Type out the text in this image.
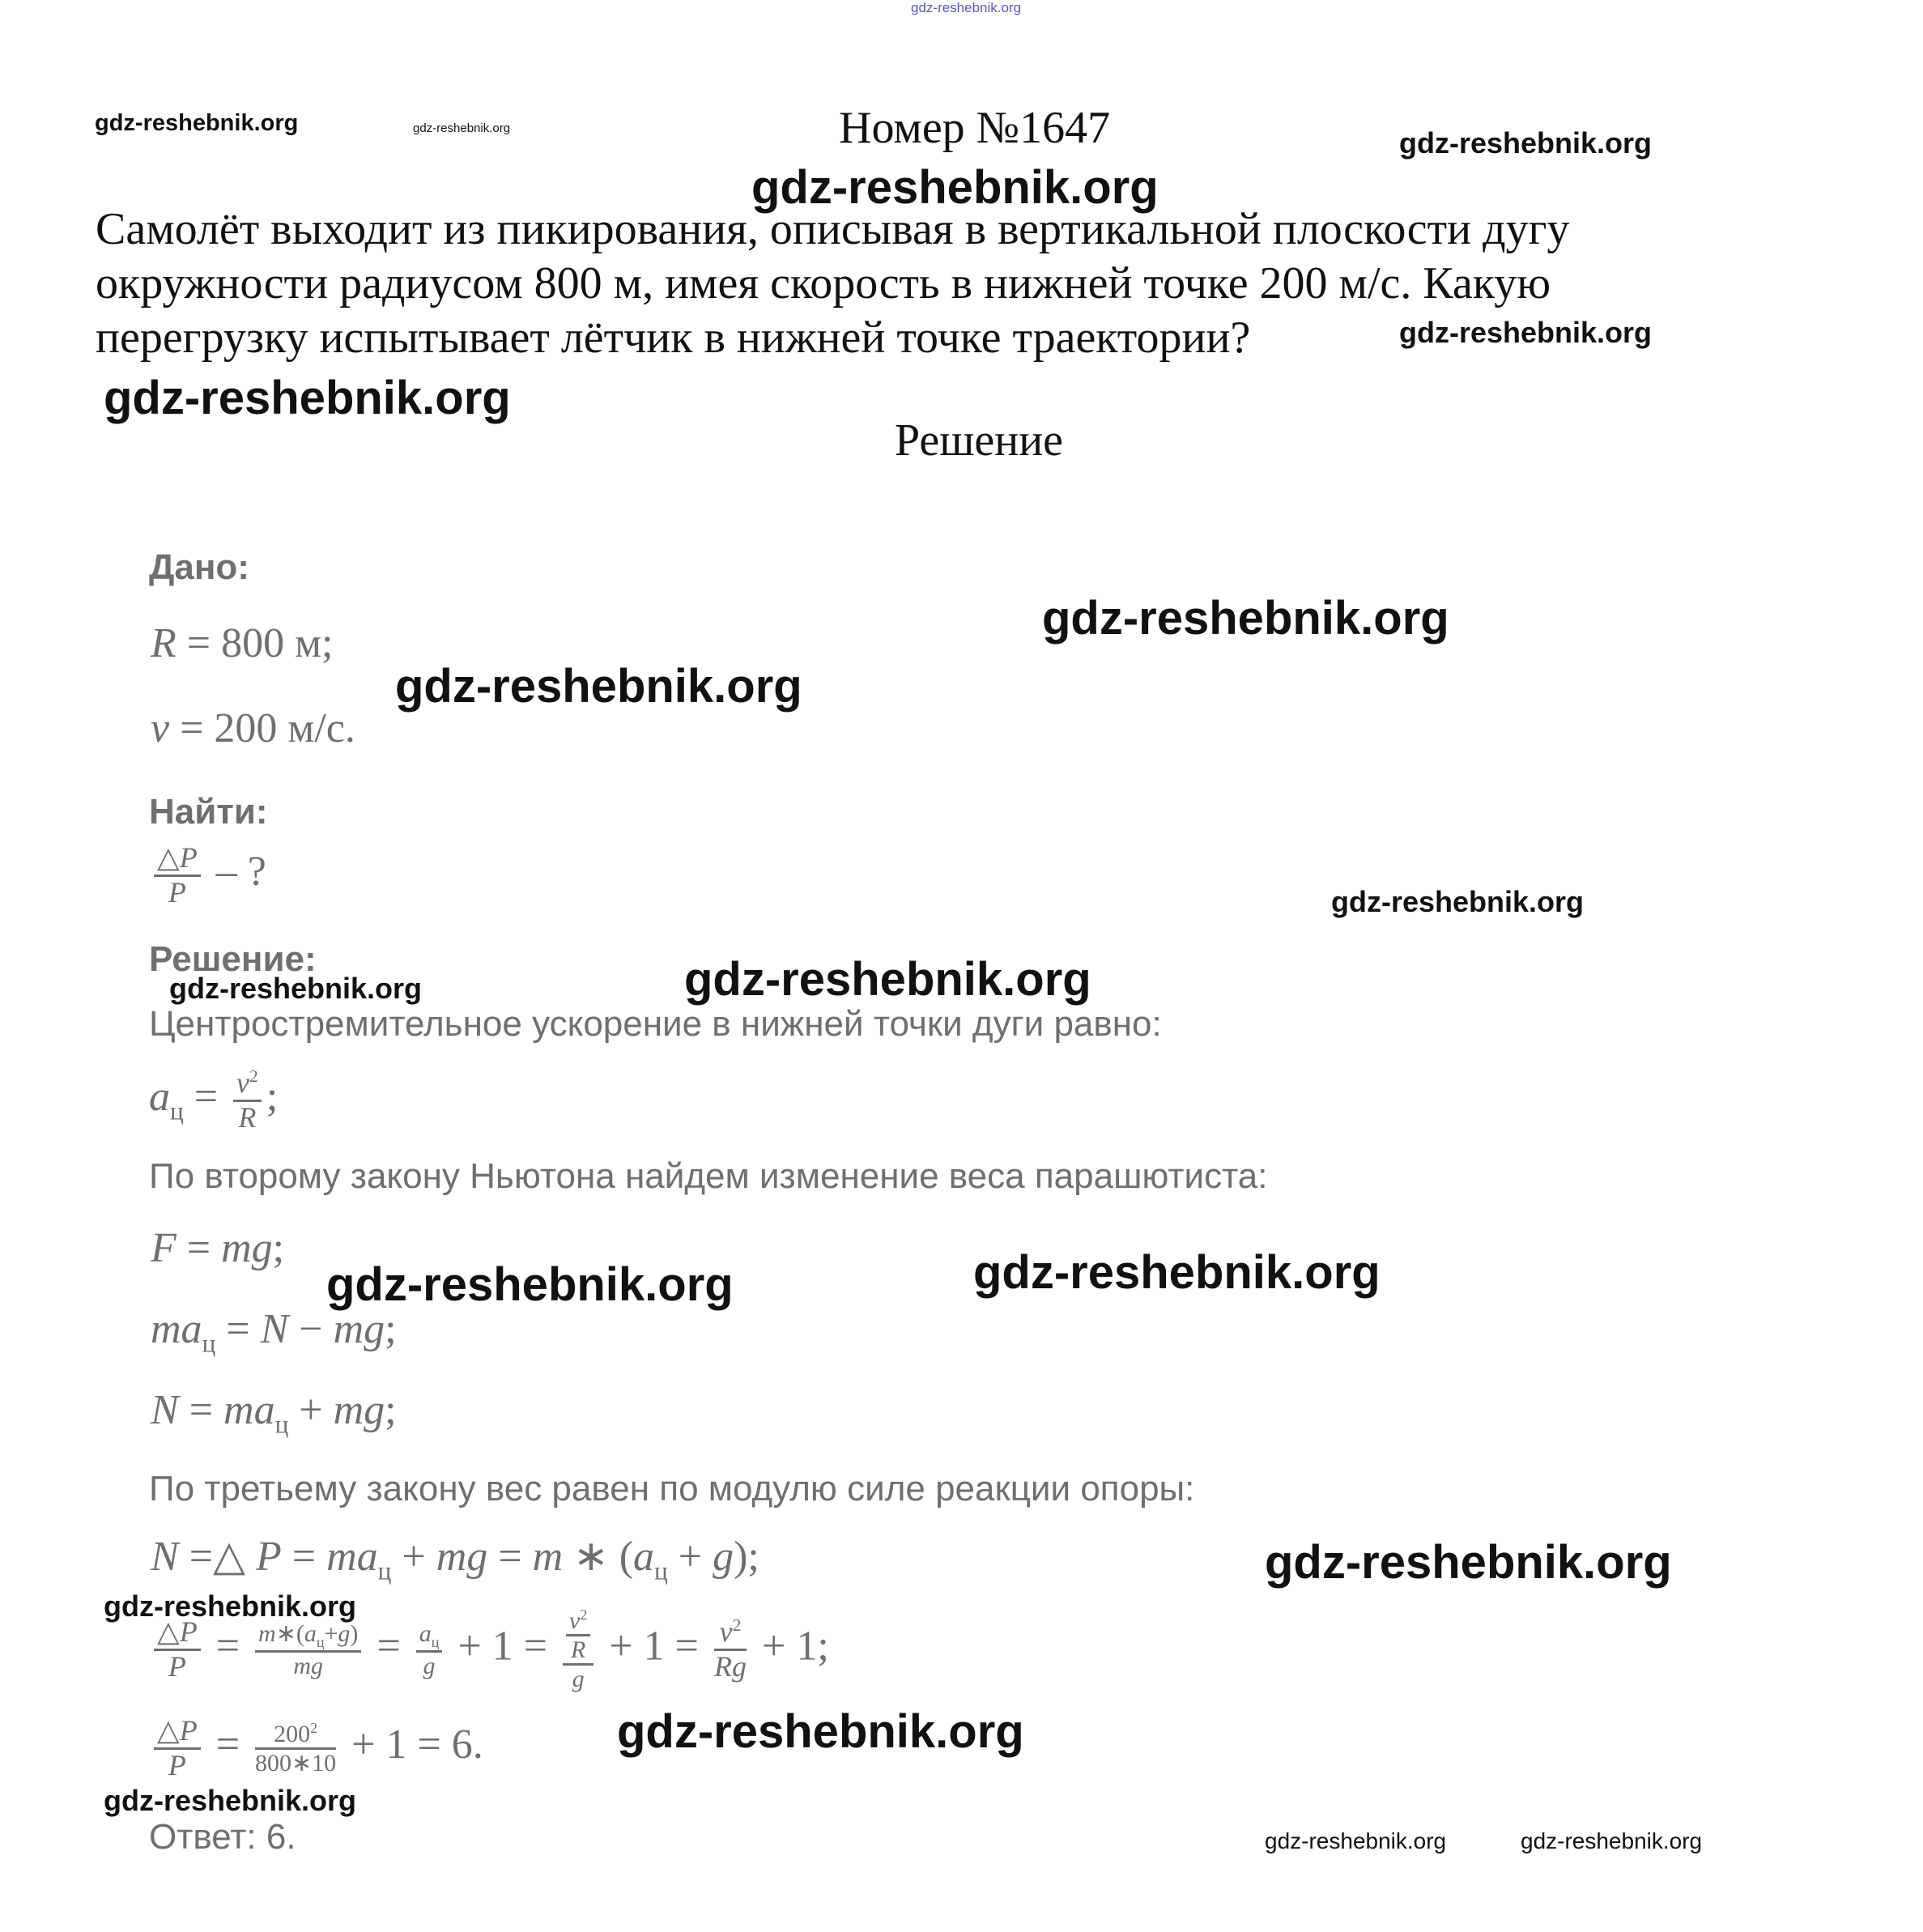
gdz-reshebnik.org
gdz-reshebnik.org	gdz-reshebnik.org	gdz-reshebnik.org
gdz-reshebnik.org
gdz-reshebnik.org
gdz-reshebnik.org
gdz-reshebnik.org
gdz-reshebnik.org
gdz-reshebnik.org
gdz-reshebnik.org	gdz-reshebnik.org
gdz-reshebnik.org	gdz-reshebnik.org
gdz-reshebnik.org
gdz-reshebnik.org
gdz-reshebnik.org
gdz-reshebnik.org
gdz-reshebnik.org	gdz-reshebnik.org
Номер №1647
Самолёт выходит из пикирования, описывая в вертикальной плоскости дугу
окружности радиусом 800 м, имея скорость в нижней точке 200 м/с. Какую
перегрузку испытывает лётчик в нижней точке траектории?
Решение
Дано:
R = 800 м;
v = 200 м/с.
Найти:
$\frac{\triangle P}{P}$ – ?
Решение:
Центростремительное ускорение в нижней точки дуги равно:
$a_ц = \frac{v^2}{R}$ ;
По второму закону Ньютона найдем изменение веса парашютиста:
F = mg;
$ma_ц = N$ − mg;
$N = ma_ц$ + mg;
По третьему закону вес равен по модулю силе реакции опоры:
N =△ $P = ma_ц$ + mg = m ∗ $(a_ц + g)$;
$\frac{\triangle P}{P} = \frac{m∗(a_ц+g)}{mg} = \frac{a_ц}{g} + 1 = \frac{\frac{v^2}{R}}{g} + 1 = \frac{v^2}{Rg} + 1$;
$\frac{\triangle P}{P} = \frac{200^2}{800∗10} + 1 = 6$.
Ответ: 6.
